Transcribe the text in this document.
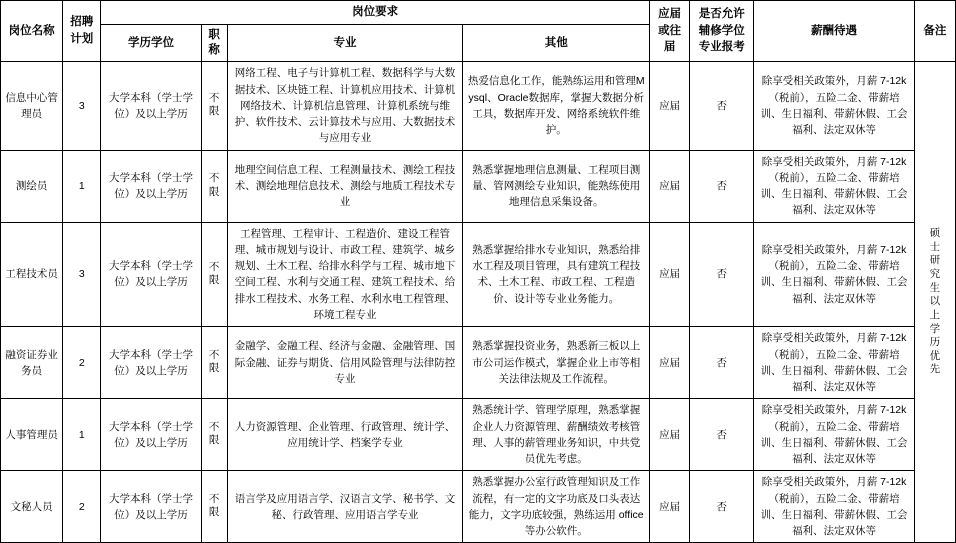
岗位名称	招聘计划	岗位要求				应届或往届	是否允许辅修学位专业报考	薪酬待遇	备注
		学历学位	职称	专业	其他				
信息中心管理员	3	大学本科（学士学位）及以上学历	不限	网络工程、电子与计算机工程、数据科学与大数据技术、区块链工程、计算机应用技术、计算机网络技术、计算机信息管理、计算机系统与维护、软件技术、云计算技术与应用、大数据技术与应用专业	热爱信息化工作，能熟练运用和管理Mysql、Oracle数据库，掌握大数据分析工具，数据库开发、网络系统软件维护。	应届	否	除享受相关政策外，月薪 7-12k（税前），五险二金、带薪培训、生日福利、带薪休假、工会福利、法定双休等	硕士研究生以上学历优先
测绘员	1	大学本科（学士学位）及以上学历	不限	地理空间信息工程、工程测量技术、测绘工程技术、测绘地理信息技术、测绘与地质工程技术专业	熟悉掌握地理信息测量、工程项目测量、管网测绘专业知识，能熟练使用地理信息采集设备。	应届	否	除享受相关政策外，月薪 7-12k（税前），五险二金、带薪培训、生日福利、带薪休假、工会福利、法定双休等	
工程技术员	3	大学本科（学士学位）及以上学历	不限	工程管理、工程审计、工程造价、建设工程管理、城市规划与设计、市政工程、建筑学、城乡规划、土木工程、给排水科学与工程、城市地下空间工程、水利与交通工程、建筑工程技术、给排水工程技术、水务工程、水利水电工程管理、环境工程专业	熟悉掌握给排水专业知识，熟悉给排水工程及项目管理，具有建筑工程技术、土木工程、市政工程、工程造价、设计等专业业务能力。	应届	否	除享受相关政策外，月薪 7-12k（税前），五险二金、带薪培训、生日福利、带薪休假、工会福利、法定双休等	
融资证券业务员	2	大学本科（学士学位）及以上学历	不限	金融学、金融工程、经济与金融、金融管理、国际金融、证券与期货、信用风险管理与法律防控专业	熟悉掌握投资业务，熟悉新三板以上市公司运作模式，掌握企业上市等相关法律法规及工作流程。	应届	否	除享受相关政策外，月薪 7-12k（税前），五险二金、带薪培训、生日福利、带薪休假、工会福利、法定双休等	
人事管理员	1	大学本科（学士学位）及以上学历	不限	人力资源管理、企业管理、行政管理、统计学、应用统计学、档案学专业	熟悉统计学、管理学原理，熟悉掌握企业人力资源管理、薪酬绩效考核管理、人事的薪管理业务知识，中共党员优先考虑。	应届	否	除享受相关政策外，月薪 7-12k（税前），五险二金、带薪培训、生日福利、带薪休假、工会福利、法定双休等	
文秘人员	2	大学本科（学士学位）及以上学历	不限	语言学及应用语言学、汉语言文学、秘书学、文秘、行政管理、应用语言学专业	熟悉掌握办公室行政管理知识及工作流程，有一定的文字功底及口头表达能力，文字功底较强，熟练运用 office 等办公软件。	应届	否	除享受相关政策外，月薪 7-12k（税前），五险二金、带薪培训、生日福利、带薪休假、工会福利、法定双休等	
